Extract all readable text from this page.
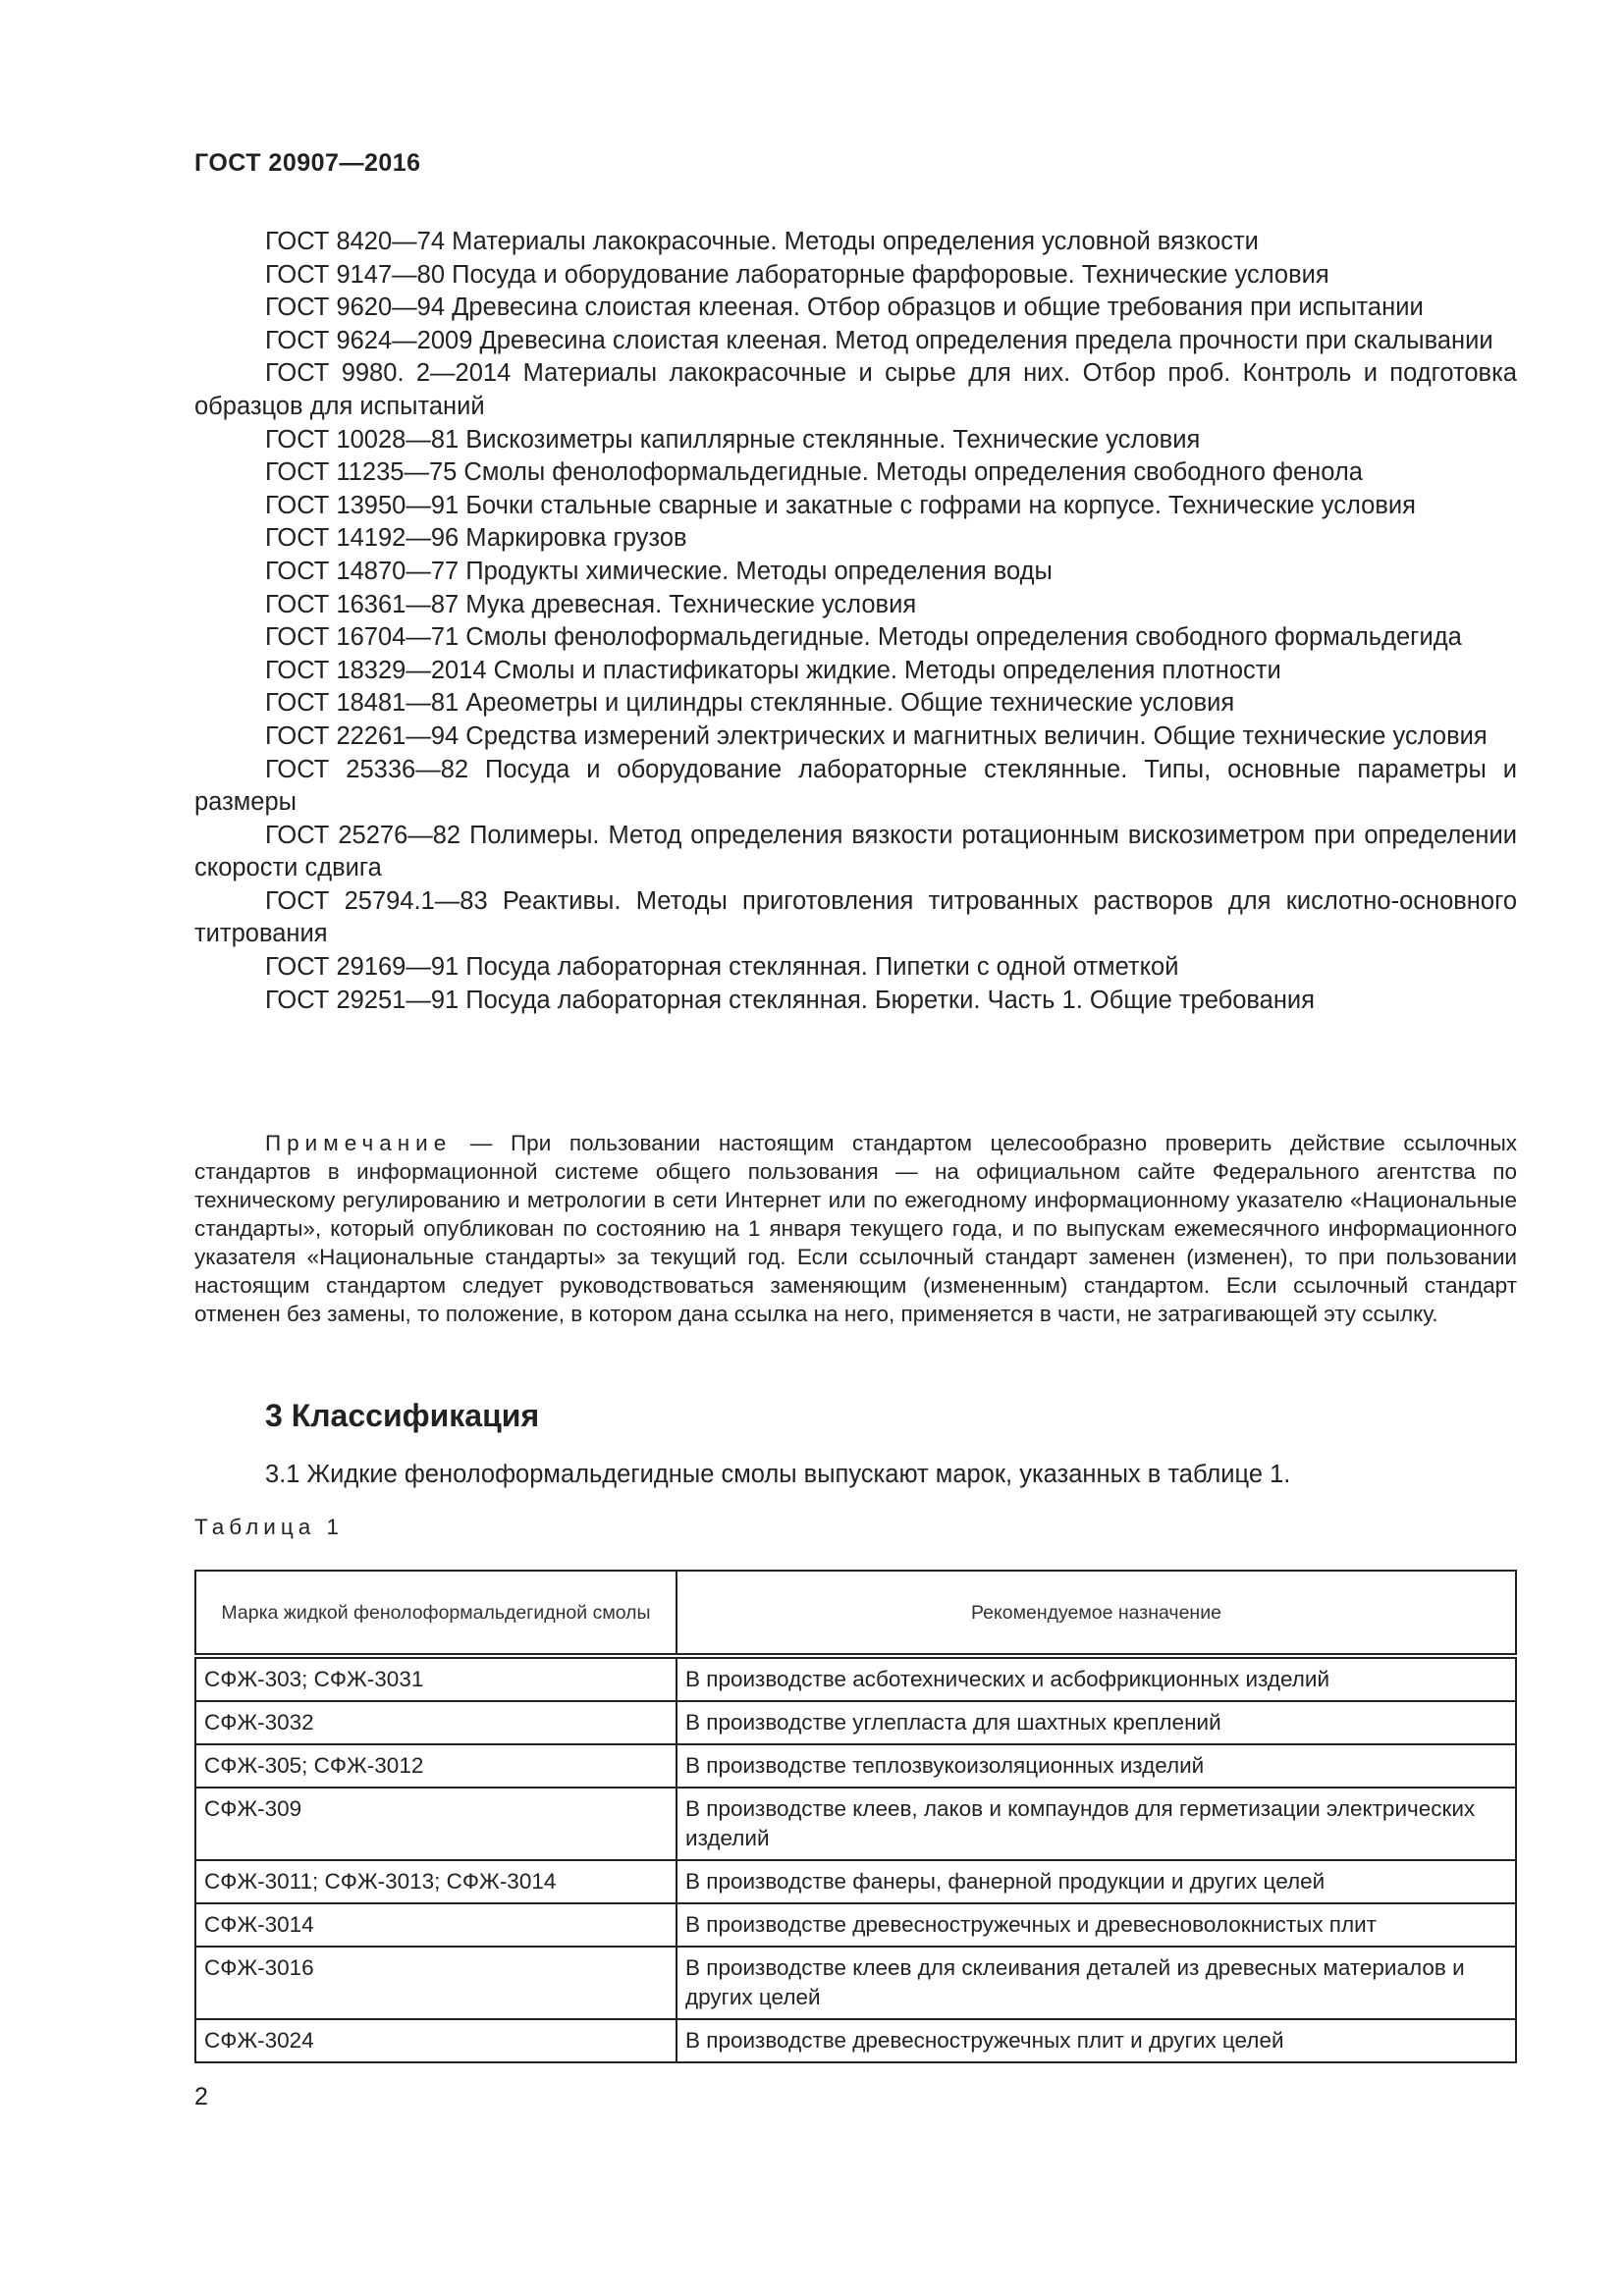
ГОСТ 20907—2016

ГОСТ 8420—74 Материалы лакокрасочные. Методы определения условной вязкости

ГОСТ 9147—80 Посуда и оборудование лабораторные фарфоровые. Технические условия

ГОСТ 9620—94 Древесина слоистая клееная. Отбор образцов и общие требования при испытании

ГОСТ 9624—2009 Древесина слоистая клееная. Метод определения предела прочности при скалывании

ГОСТ 9980. 2—2014 Материалы лакокрасочные и сырье для них. Отбор проб. Контроль и подготовка образцов для испытаний

ГОСТ 10028—81 Вискозиметры капиллярные стеклянные. Технические условия

ГОСТ 11235—75 Смолы фенолоформальдегидные. Методы определения свободного фенола

ГОСТ 13950—91 Бочки стальные сварные и закатные с гофрами на корпусе. Технические условия

ГОСТ 14192—96 Маркировка грузов

ГОСТ 14870—77 Продукты химические. Методы определения воды

ГОСТ 16361—87 Мука древесная. Технические условия

ГОСТ 16704—71 Смолы фенолоформальдегидные. Методы определения свободного формальдегида

ГОСТ 18329—2014 Смолы и пластификаторы жидкие. Методы определения плотности

ГОСТ 18481—81 Ареометры и цилиндры стеклянные. Общие технические условия

ГОСТ 22261—94 Средства измерений электрических и магнитных величин. Общие технические условия

ГОСТ 25336—82 Посуда и оборудование лабораторные стеклянные. Типы, основные параметры и размеры

ГОСТ 25276—82 Полимеры. Метод определения вязкости ротационным вискозиметром при определении скорости сдвига

ГОСТ 25794.1—83 Реактивы. Методы приготовления титрованных растворов для кислотно-основного титрования

ГОСТ 29169—91 Посуда лабораторная стеклянная. Пипетки с одной отметкой

ГОСТ 29251—91 Посуда лабораторная стеклянная. Бюретки. Часть 1. Общие требования

Примечание — При пользовании настоящим стандартом целесообразно проверить действие ссылочных стандартов в информационной системе общего пользования — на официальном сайте Федерального агентства по техническому регулированию и метрологии в сети Интернет или по ежегодному информационному указателю «Национальные стандарты», который опубликован по состоянию на 1 января текущего года, и по выпускам ежемесячного информационного указателя «Национальные стандарты» за текущий год. Если ссылочный стандарт заменен (изменен), то при пользовании настоящим стандартом следует руководствоваться заменяющим (измененным) стандартом. Если ссылочный стандарт отменен без замены, то положение, в котором дана ссылка на него, применяется в части, не затрагивающей эту ссылку.
3 Классификация
3.1 Жидкие фенолоформальдегидные смолы выпускают марок, указанных в таблице 1.
Таблица 1
Марка жидкой фенолоформальдегидной смолы	Рекомендуемое назначение
СФЖ-303; СФЖ-3031	В производстве асботехнических и асбофрикционных изделий
СФЖ-3032	В производстве углепласта для шахтных креплений
СФЖ-305; СФЖ-3012	В производстве теплозвукоизоляционных изделий
СФЖ-309	В производстве клеев, лаков и компаундов для герметизации электрических изделий
СФЖ-3011; СФЖ-3013; СФЖ-3014	В производстве фанеры, фанерной продукции и других целей
СФЖ-3014	В производстве древесностружечных и древесноволокнистых плит
СФЖ-3016	В производстве клеев для склеивания деталей из древесных материалов и других целей
СФЖ-3024	В производстве древесностружечных плит и других целей
2
